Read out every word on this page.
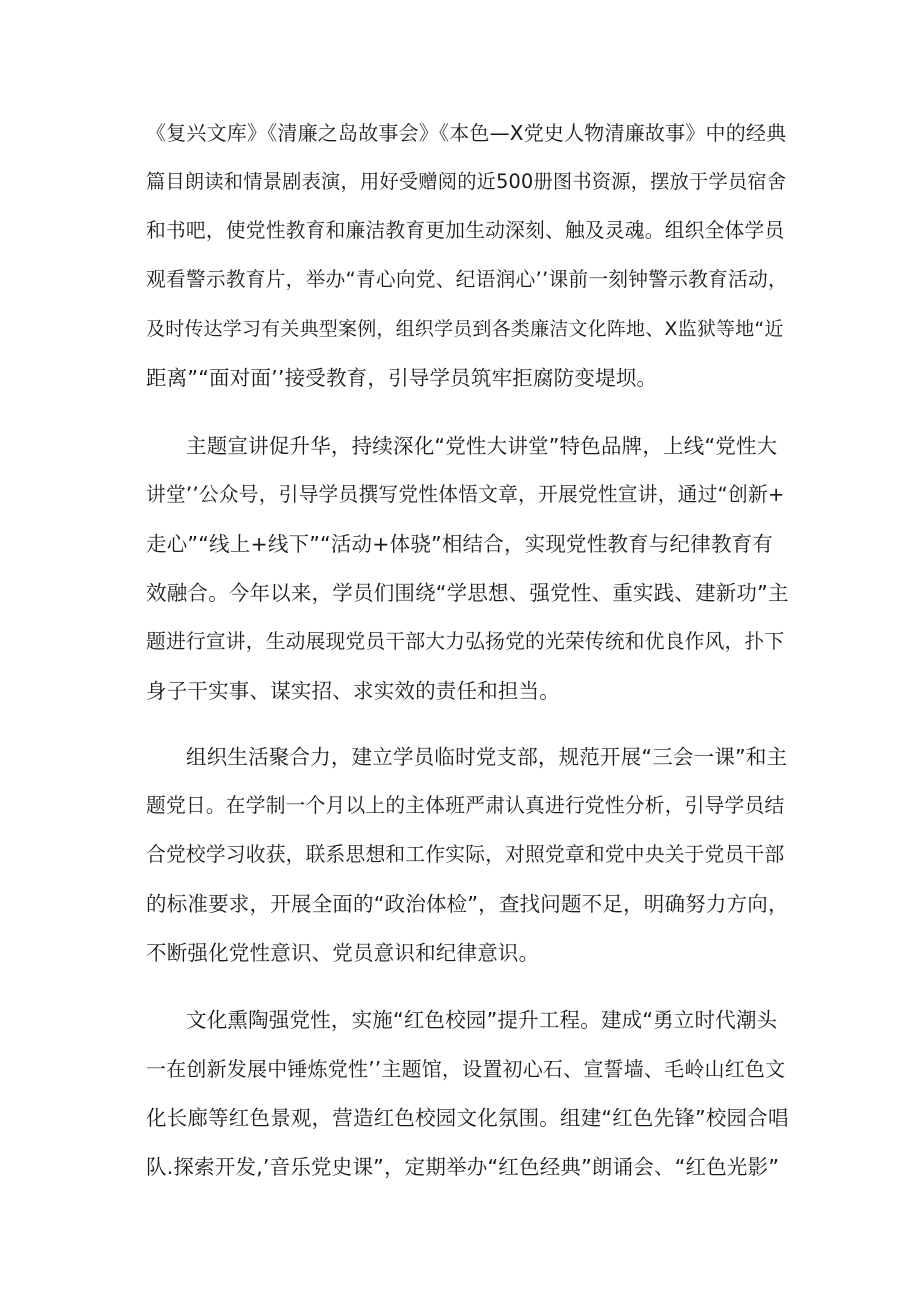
《复兴文库》《清廉之岛故事会》《本色—X党史人物清廉故事》中的经典
篇目朗读和情景剧表演，用好受赠阅的近500册图书资源，摆放于学员宿舍
和书吧，使党性教育和廉洁教育更加生动深刻、触及灵魂。组织全体学员
观看警示教育片，举办“青心向党、纪语润心’’课前一刻钟警示教育活动，
及时传达学习有关典型案例，组织学员到各类廉洁文化阵地、X监狱等地“近
距离”“面对面’’接受教育，引导学员筑牢拒腐防变堤坝。
主题宣讲促升华，持续深化“党性大讲堂”特色品牌，上线“党性大
讲堂’’公众号，引导学员撰写党性体悟文章，开展党性宣讲，通过“创新+
走心”“线上+线下”“活动+体骁”相结合，实现党性教育与纪律教育有
效融合。今年以来，学员们围绕“学思想、强党性、重实践、建新功”主
题进行宣讲，生动展现党员干部大力弘扬党的光荣传统和优良作风，扑下
身子干实事、谋实招、求实效的责任和担当。
组织生活聚合力，建立学员临时党支部，规范开展“三会一课”和主
题党日。在学制一个月以上的主体班严肃认真进行党性分析，引导学员结
合党校学习收获，联系思想和工作实际，对照党章和党中央关于党员干部
的标准要求，开展全面的“政治体检”，查找问题不足，明确努力方向，
不断强化党性意识、党员意识和纪律意识。
文化熏陶强党性，实施“红色校园”提升工程。建成“勇立时代潮头
一在创新发展中锤炼党性’’主题馆，设置初心石、宣誓墙、毛岭山红色文
化长廊等红色景观，营造红色校园文化氛围。组建“红色先锋”校园合唱
队.探索开发,’音乐党史课”，定期举办“红色经典”朗诵会、“红色光影”
